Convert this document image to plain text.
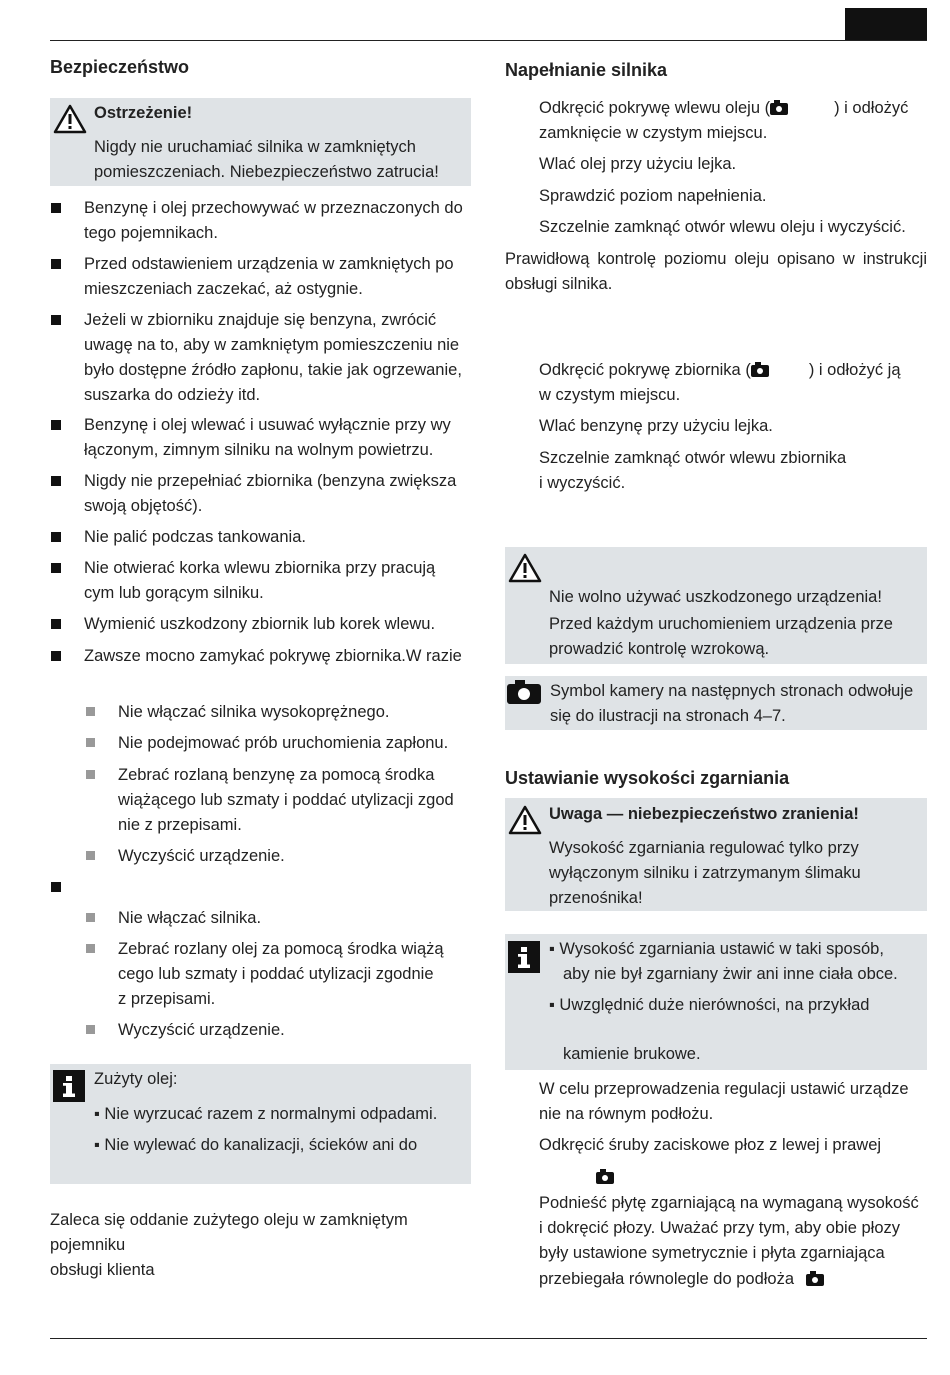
Bezpieczeństwo
Ostrzeżenie!
Nigdy nie uruchamiać silnika w zamkniętych
pomieszczeniach. Niebezpieczeństwo zatrucia!
Benzynę i olej przechowywać w przeznaczonych do
tego pojemnikach.
Przed odstawieniem urządzenia w zamkniętych po
mieszczeniach zaczekać, aż ostygnie.
Jeżeli w zbiorniku znajduje się benzyna, zwrócić
uwagę na to, aby w zamkniętym pomieszczeniu nie
było dostępne źródło zapłonu, takie jak ogrzewanie,
suszarka do odzieży itd.
Benzynę i olej wlewać i usuwać wyłącznie przy wy
łączonym, zimnym silniku na wolnym powietrzu.
Nigdy nie przepełniać zbiornika (benzyna zwiększa
swoją objętość).
Nie palić podczas tankowania.
Nie otwierać korka wlewu zbiornika przy pracują
cym lub gorącym silniku.
Wymienić uszkodzony zbiornik lub korek wlewu.
Zawsze mocno zamykać pokrywę zbiornika.W razie
Nie włączać silnika wysokoprężnego.
Nie podejmować prób uruchomienia zapłonu.
Zebrać rozlaną benzynę za pomocą środka
wiążącego lub szmaty i poddać utylizacji zgod
nie z przepisami.
Wyczyścić urządzenie.
Nie włączać silnika.
Zebrać rozlany olej za pomocą środka wiążą
cego lub szmaty i poddać utylizacji zgodnie
z przepisami.
Wyczyścić urządzenie.
Zużyty olej:
▪ Nie wyrzucać razem z normalnymi odpadami.
▪ Nie wylewać do kanalizacji, ścieków ani do
Zaleca się oddanie zużytego oleju w zamkniętym
pojemniku
obsługi klienta
Napełnianie silnika
Odkręcić pokrywę wlewu oleju (	) i odłożyć
zamknięcie w czystym miejscu.
Wlać olej przy użyciu lejka.
Sprawdzić poziom napełnienia.
Szczelnie zamknąć otwór wlewu oleju i wyczyścić.
Prawidłową kontrolę poziomu oleju opisano w instrukcji
obsługi silnika.
Odkręcić pokrywę zbiornika (	) i odłożyć ją
w czystym miejscu.
Wlać benzynę przy użyciu lejka.
Szczelnie zamknąć otwór wlewu zbiornika
i wyczyścić.
Nie wolno używać uszkodzonego urządzenia!
Przed każdym uruchomieniem urządzenia prze
prowadzić kontrolę wzrokową.
Symbol kamery na następnych stronach odwołuje
się do ilustracji na stronach 4–7.
Ustawianie wysokości zgarniania
Uwaga — niebezpieczeństwo zranienia!
Wysokość zgarniania regulować tylko przy
wyłączonym silniku i zatrzymanym ślimaku
przenośnika!
▪ Wysokość zgarniania ustawić w taki sposób,
aby nie był zgarniany żwir ani inne ciała obce.
▪ Uwzględnić duże nierówności, na przykład
kamienie brukowe.
W celu przeprowadzenia regulacji ustawić urządze
nie na równym podłożu.
Odkręcić śruby zaciskowe płoz z lewej i prawej
Podnieść płytę zgarniającą na wymaganą wysokość
i dokręcić płozy. Uważać przy tym, aby obie płozy
były ustawione symetrycznie i płyta zgarniająca
przebiegała równolegle do podłoża
